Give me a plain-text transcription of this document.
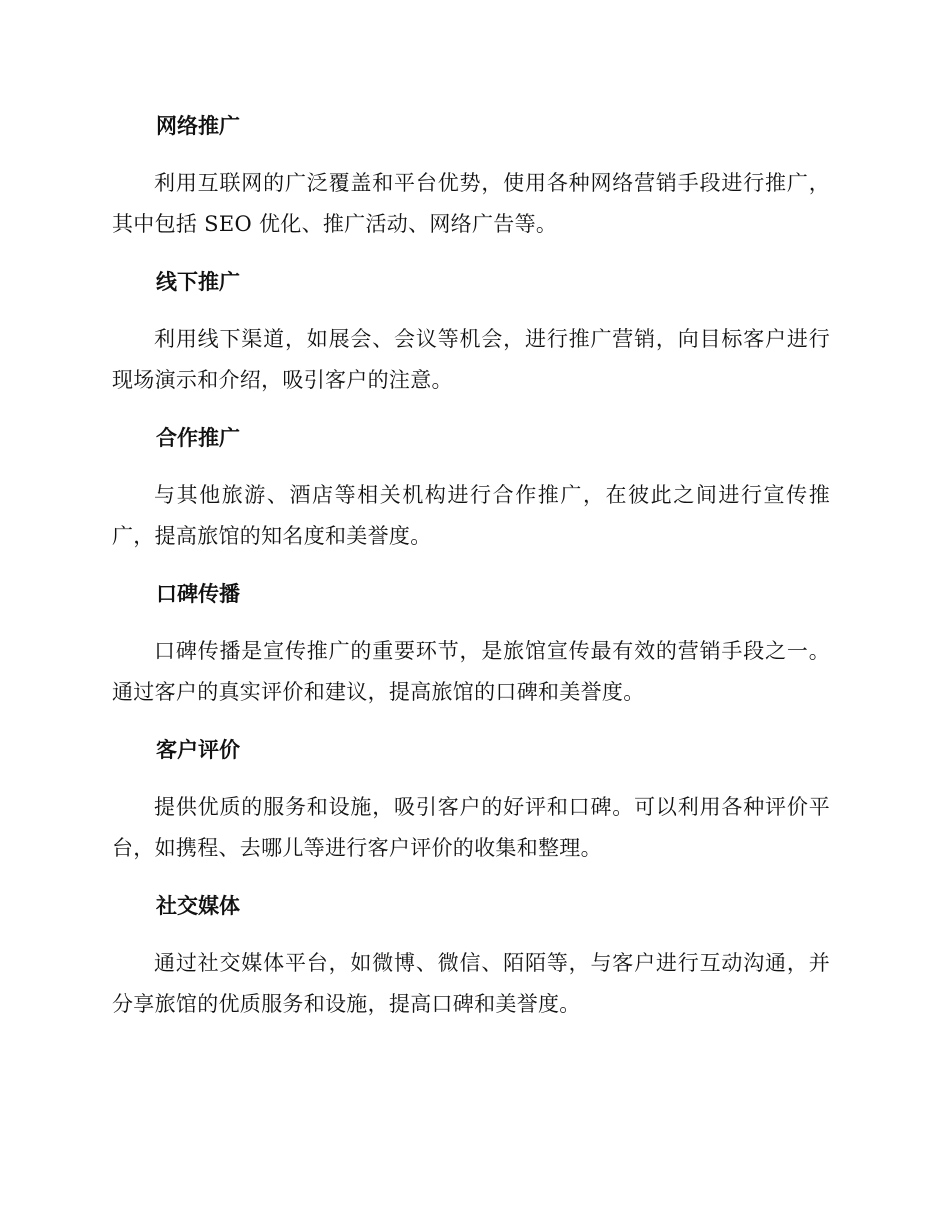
网络推广

利用互联网的广泛覆盖和平台优势，使用各种网络营销手段进行推广，其中包括 SEO 优化、推广活动、网络广告等。

线下推广

利用线下渠道，如展会、会议等机会，进行推广营销，向目标客户进行现场演示和介绍，吸引客户的注意。

合作推广

与其他旅游、酒店等相关机构进行合作推广，在彼此之间进行宣传推广，提高旅馆的知名度和美誉度。

口碑传播

口碑传播是宣传推广的重要环节，是旅馆宣传最有效的营销手段之一。通过客户的真实评价和建议，提高旅馆的口碑和美誉度。

客户评价

提供优质的服务和设施，吸引客户的好评和口碑。可以利用各种评价平台，如携程、去哪儿等进行客户评价的收集和整理。

社交媒体

通过社交媒体平台，如微博、微信、陌陌等，与客户进行互动沟通，并分享旅馆的优质服务和设施，提高口碑和美誉度。
